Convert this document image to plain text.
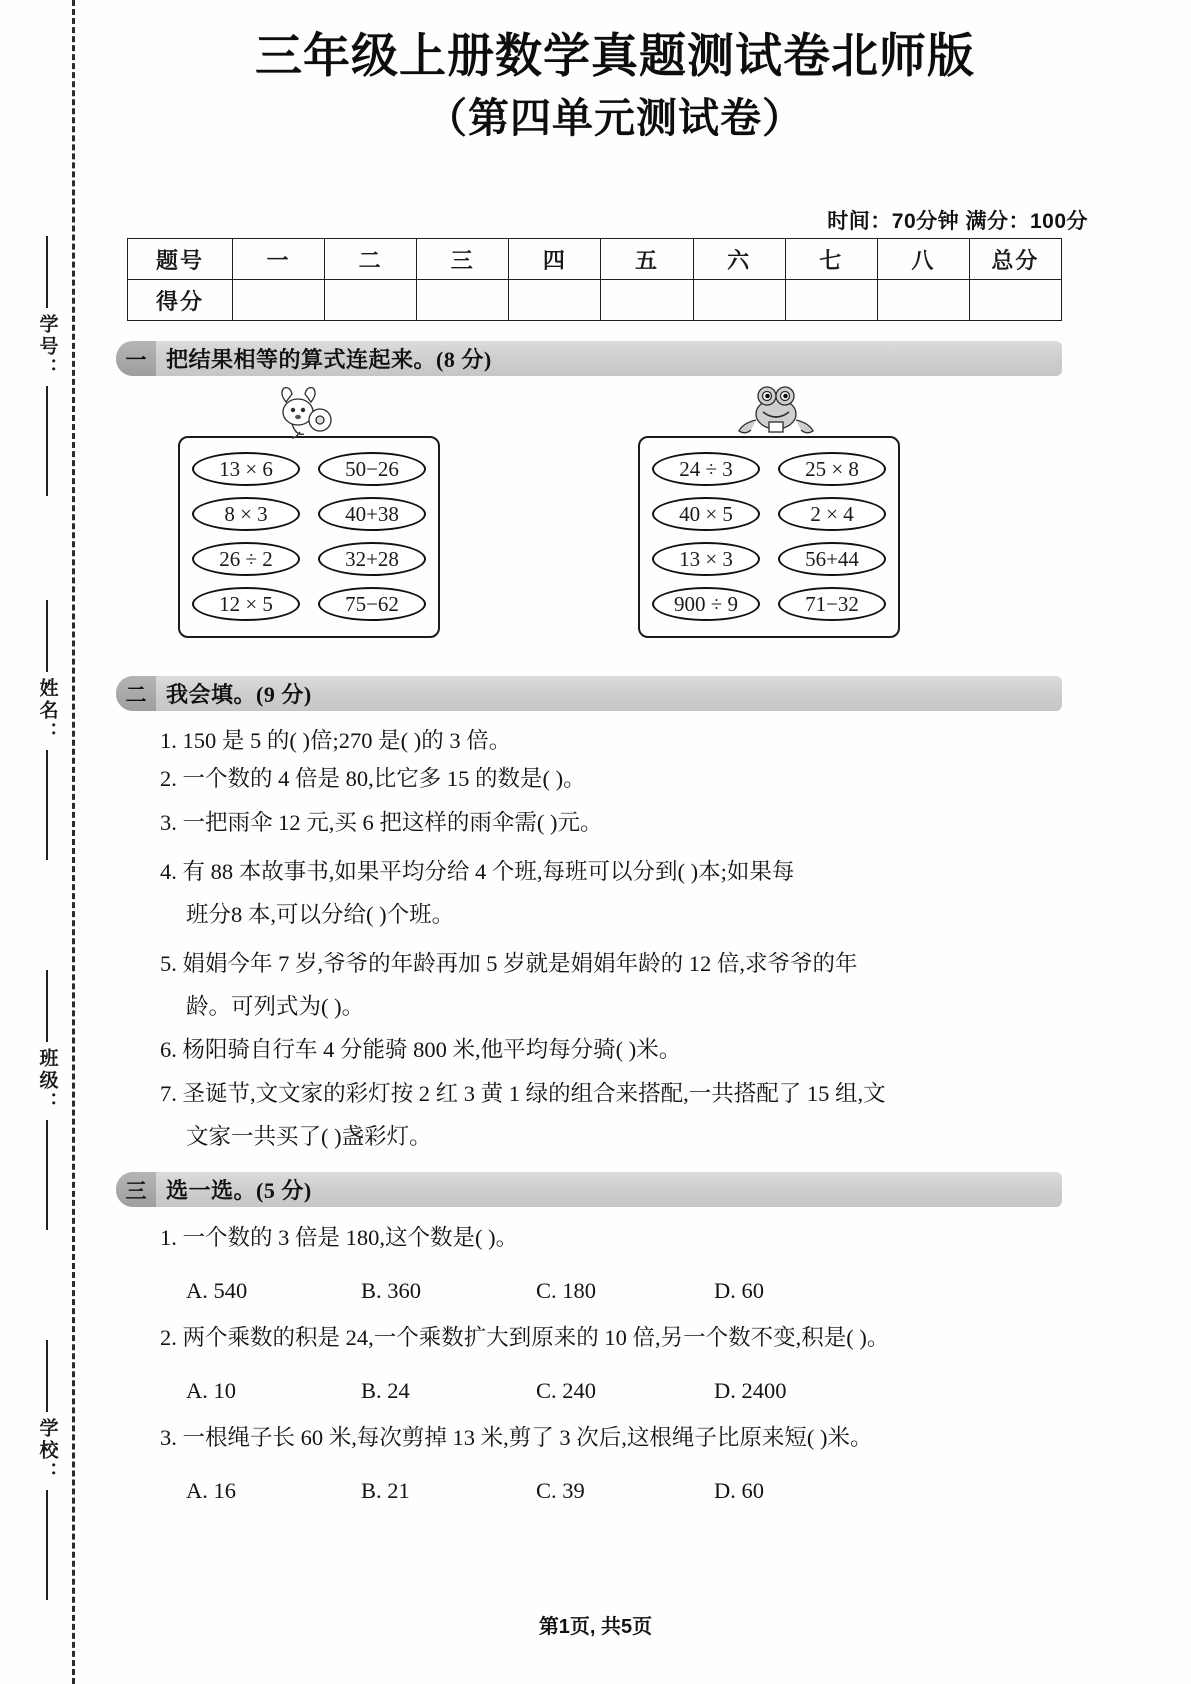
学号：
姓名：
班级：
学校：
三年级上册数学真题测试卷北师版
（第四单元测试卷）
时间：70分钟 满分：100分
题号	一	二	三	四	五	六	七	八	总分
得分									
一 把结果相等的算式连起来。(8 分)
13 × 6
8 × 3
26 ÷ 2
12 × 5
50−26
40+38
32+28
75−62
24 ÷ 3
40 × 5
13 × 3
900 ÷ 9
25 × 8
2 × 4
56+44
71−32
二 我会填。(9 分)
1. 150 是 5 的( )倍;270 是( )的 3 倍。
2. 一个数的 4 倍是 80,比它多 15 的数是( )。
3. 一把雨伞 12 元,买 6 把这样的雨伞需( )元。
4. 有 88 本故事书,如果平均分给 4 个班,每班可以分到( )本;如果每
班分8 本,可以分给( )个班。
5. 娟娟今年 7 岁,爷爷的年龄再加 5 岁就是娟娟年龄的 12 倍,求爷爷的年
龄。可列式为( )。
6. 杨阳骑自行车 4 分能骑 800 米,他平均每分骑( )米。
7. 圣诞节,文文家的彩灯按 2 红 3 黄 1 绿的组合来搭配,一共搭配了 15 组,文
文家一共买了( )盏彩灯。
三 选一选。(5 分)
1. 一个数的 3 倍是 180,这个数是( )。
A. 540	B. 360	C. 180	D. 60
2. 两个乘数的积是 24,一个乘数扩大到原来的 10 倍,另一个数不变,积是( )。
A. 10	B. 24	C. 240	D. 2400
3. 一根绳子长 60 米,每次剪掉 13 米,剪了 3 次后,这根绳子比原来短( )米。
A. 16	B. 21	C. 39	D. 60
第1页, 共5页
